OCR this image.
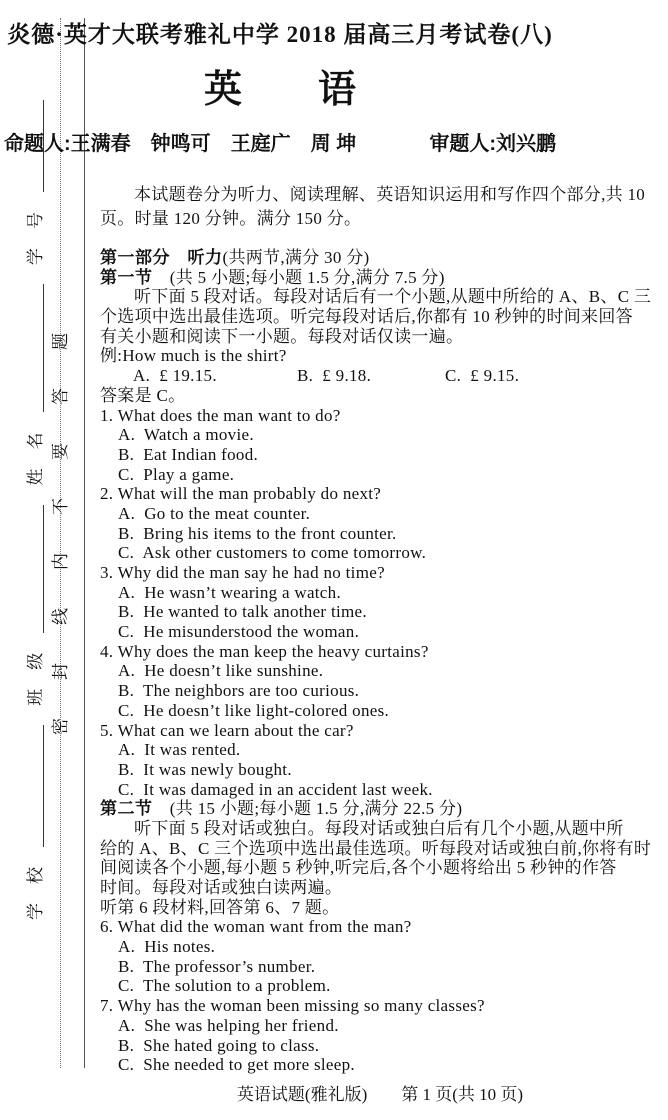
学　校
班　级
姓　名
学　号
密封线内不要答题
炎德·英才大联考雅礼中学 2018 届高三月考试卷(八)
英　　语
命题人:王满春　钟鸣可　王庭广　周 坤	审题人:刘兴鹏
本试题卷分为听力、阅读理解、英语知识运用和写作四个部分,共 10
页。时量 120 分钟。满分 150 分。
第一部分　听力(共两节,满分 30 分)
第一节　(共 5 小题;每小题 1.5 分,满分 7.5 分)
听下面 5 段对话。每段对话后有一个小题,从题中所给的 A、B、C 三
个选项中选出最佳选项。听完每段对话后,你都有 10 秒钟的时间来回答
有关小题和阅读下一小题。每段对话仅读一遍。
例:How much is the shirt?
A.  £ 19.15.	B.  £ 9.18.	C.  £ 9.15.
答案是 C。
1. What does the man want to do?
A.  Watch a movie.
B.  Eat Indian food.
C.  Play a game.
2. What will the man probably do next?
A.  Go to the meat counter.
B.  Bring his items to the front counter.
C.  Ask other customers to come tomorrow.
3. Why did the man say he had no time?
A.  He wasn’t wearing a watch.
B.  He wanted to talk another time.
C.  He misunderstood the woman.
4. Why does the man keep the heavy curtains?
A.  He doesn’t like sunshine.
B.  The neighbors are too curious.
C.  He doesn’t like light-colored ones.
5. What can we learn about the car?
A.  It was rented.
B.  It was newly bought.
C.  It was damaged in an accident last week.
第二节　(共 15 小题;每小题 1.5 分,满分 22.5 分)
听下面 5 段对话或独白。每段对话或独白后有几个小题,从题中所
给的 A、B、C 三个选项中选出最佳选项。听每段对话或独白前,你将有时
间阅读各个小题,每小题 5 秒钟,听完后,各个小题将给出 5 秒钟的作答
时间。每段对话或独白读两遍。
听第 6 段材料,回答第 6、7 题。
6. What did the woman want from the man?
A.  His notes.
B.  The professor’s number.
C.  The solution to a problem.
7. Why has the woman been missing so many classes?
A.  She was helping her friend.
B.  She hated going to class.
C.  She needed to get more sleep.
英语试题(雅礼版)　　第 1 页(共 10 页)
